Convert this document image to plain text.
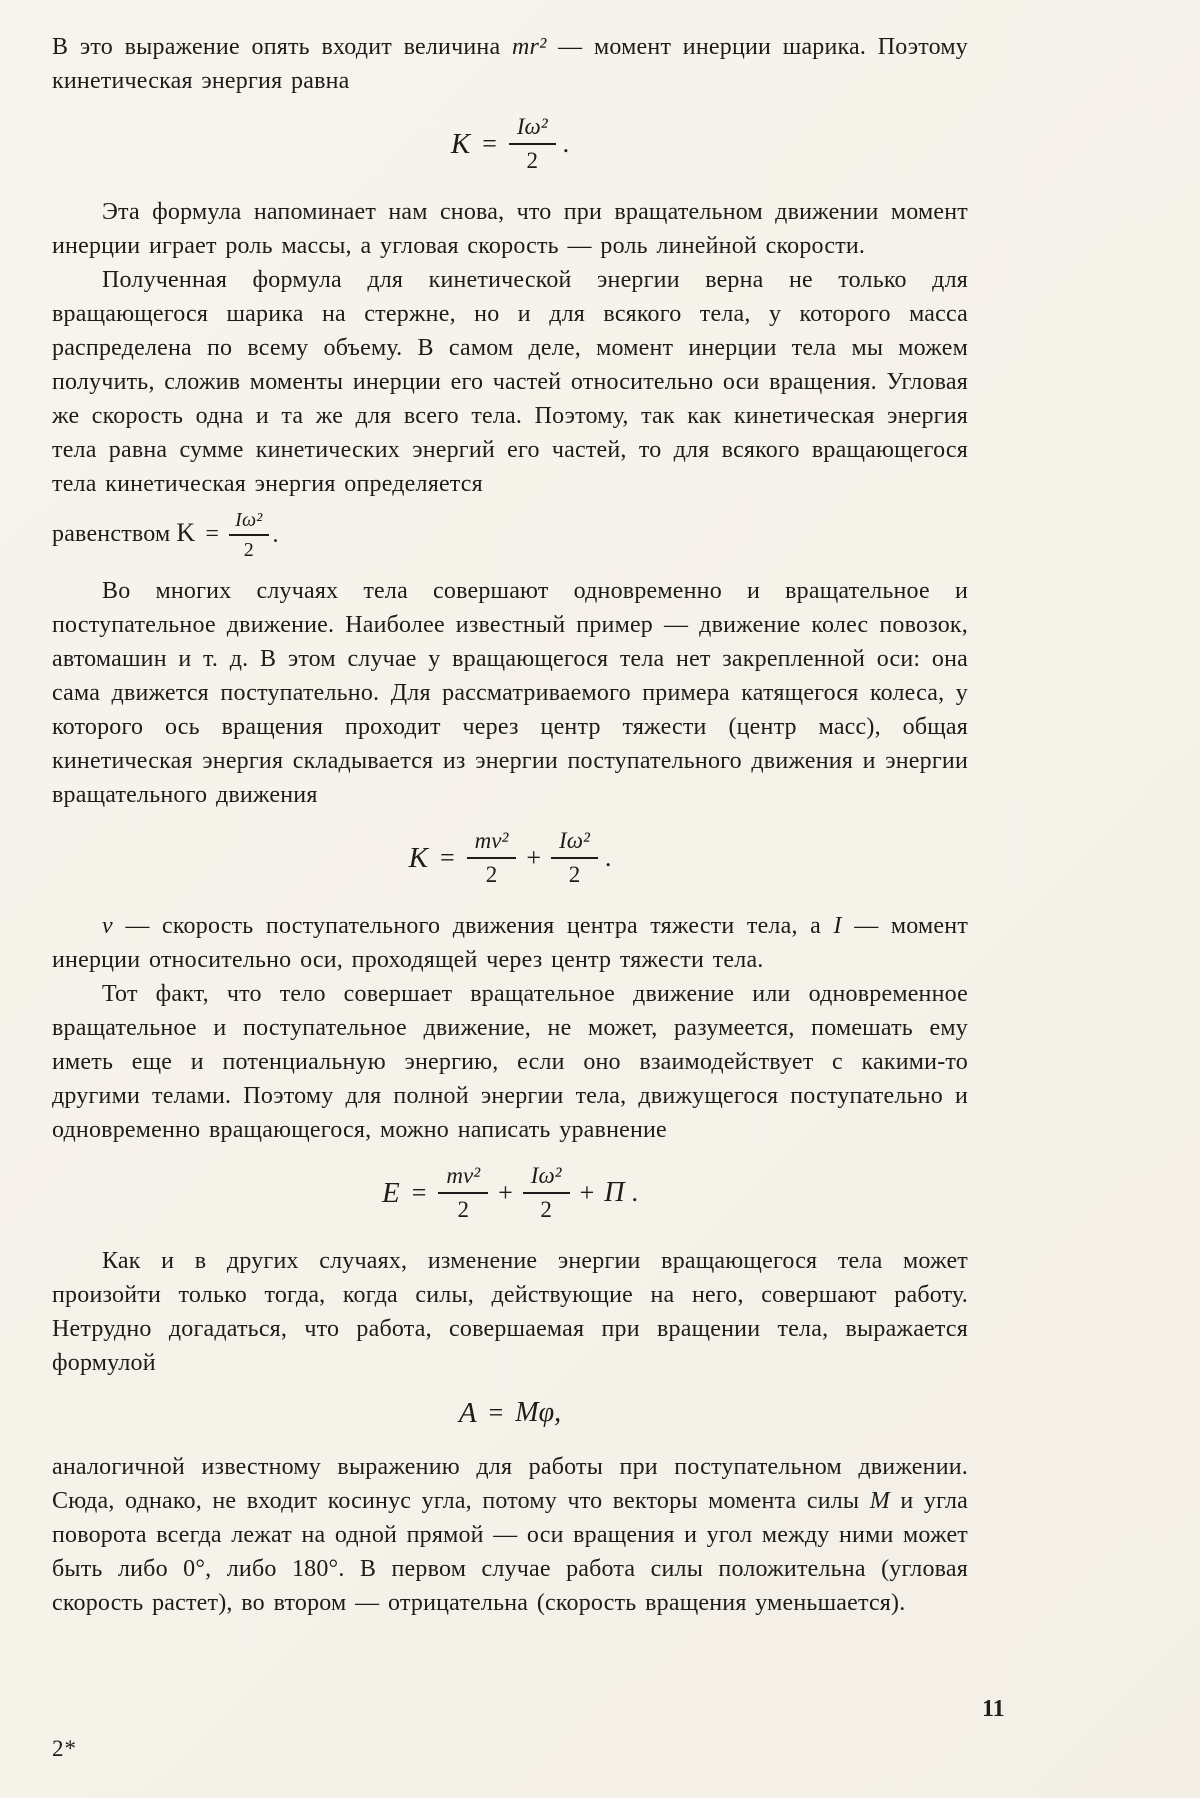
В это выражение опять входит величина mr² — момент инерции шарика. Поэтому кинетическая энергия равна

$K = \frac{\text{Iω²}}{2}$ .

Эта формула напоминает нам снова, что при вращательном движении момент инерции играет роль массы, а угловая скорость — роль линейной скорости.

Полученная формула для кинетической энергии верна не только для вращающегося шарика на стержне, но и для всякого тела, у которого масса распределена по всему объему. В самом деле, момент инерции тела мы можем получить, сложив моменты инерции его частей относительно оси вращения. Угловая же скорость одна и та же для всего тела. Поэтому, так как кинетическая энергия тела равна сумме кинетических энергий его частей, то для всякого вращающегося тела кинетическая энергия определяется

равенством $K = \frac{\text{Iω²}}{2}$ .

Во многих случаях тела совершают одновременно и вращательное и поступательное движение. Наиболее известный пример — движение колес повозок, автомашин и т. д. В этом случае у вращающегося тела нет закрепленной оси: она сама движется поступательно. Для рассматриваемого примера катящегося колеса, у которого ось вращения проходит через центр тяжести (центр масс), общая кинетическая энергия складывается из энергии поступательного движения и энергии вращательного движения

$K = \frac{\text{mv²}}{2} + \frac{\text{Iω²}}{2}$ .

v — скорость поступательного движения центра тяжести тела, а I — момент инерции относительно оси, проходящей через центр тяжести тела.

Тот факт, что тело совершает вращательное движение или одновременное вращательное и поступательное движение, не может, разумеется, помешать ему иметь еще и потенциальную энергию, если оно взаимодействует с какими-то другими телами. Поэтому для полной энергии тела, движущегося поступательно и одновременно вращающегося, можно написать уравнение

$E = \frac{\text{mv²}}{2} + \frac{\text{Iω²}}{2} + П$ .

Как и в других случаях, изменение энергии вращающегося тела может произойти только тогда, когда силы, действующие на него, совершают работу. Нетрудно догадаться, что работа, совершаемая при вращении тела, выражается формулой

A = Mφ,

аналогичной известному выражению для работы при поступательном движении. Сюда, однако, не входит косинус угла, потому что векторы момента силы M и угла поворота всегда лежат на одной прямой — оси вращения и угол между ними может быть либо 0°, либо 180°. В первом случае работа силы положительна (угловая скорость растет), во втором — отрицательна (скорость вращения уменьшается).

2*
11
